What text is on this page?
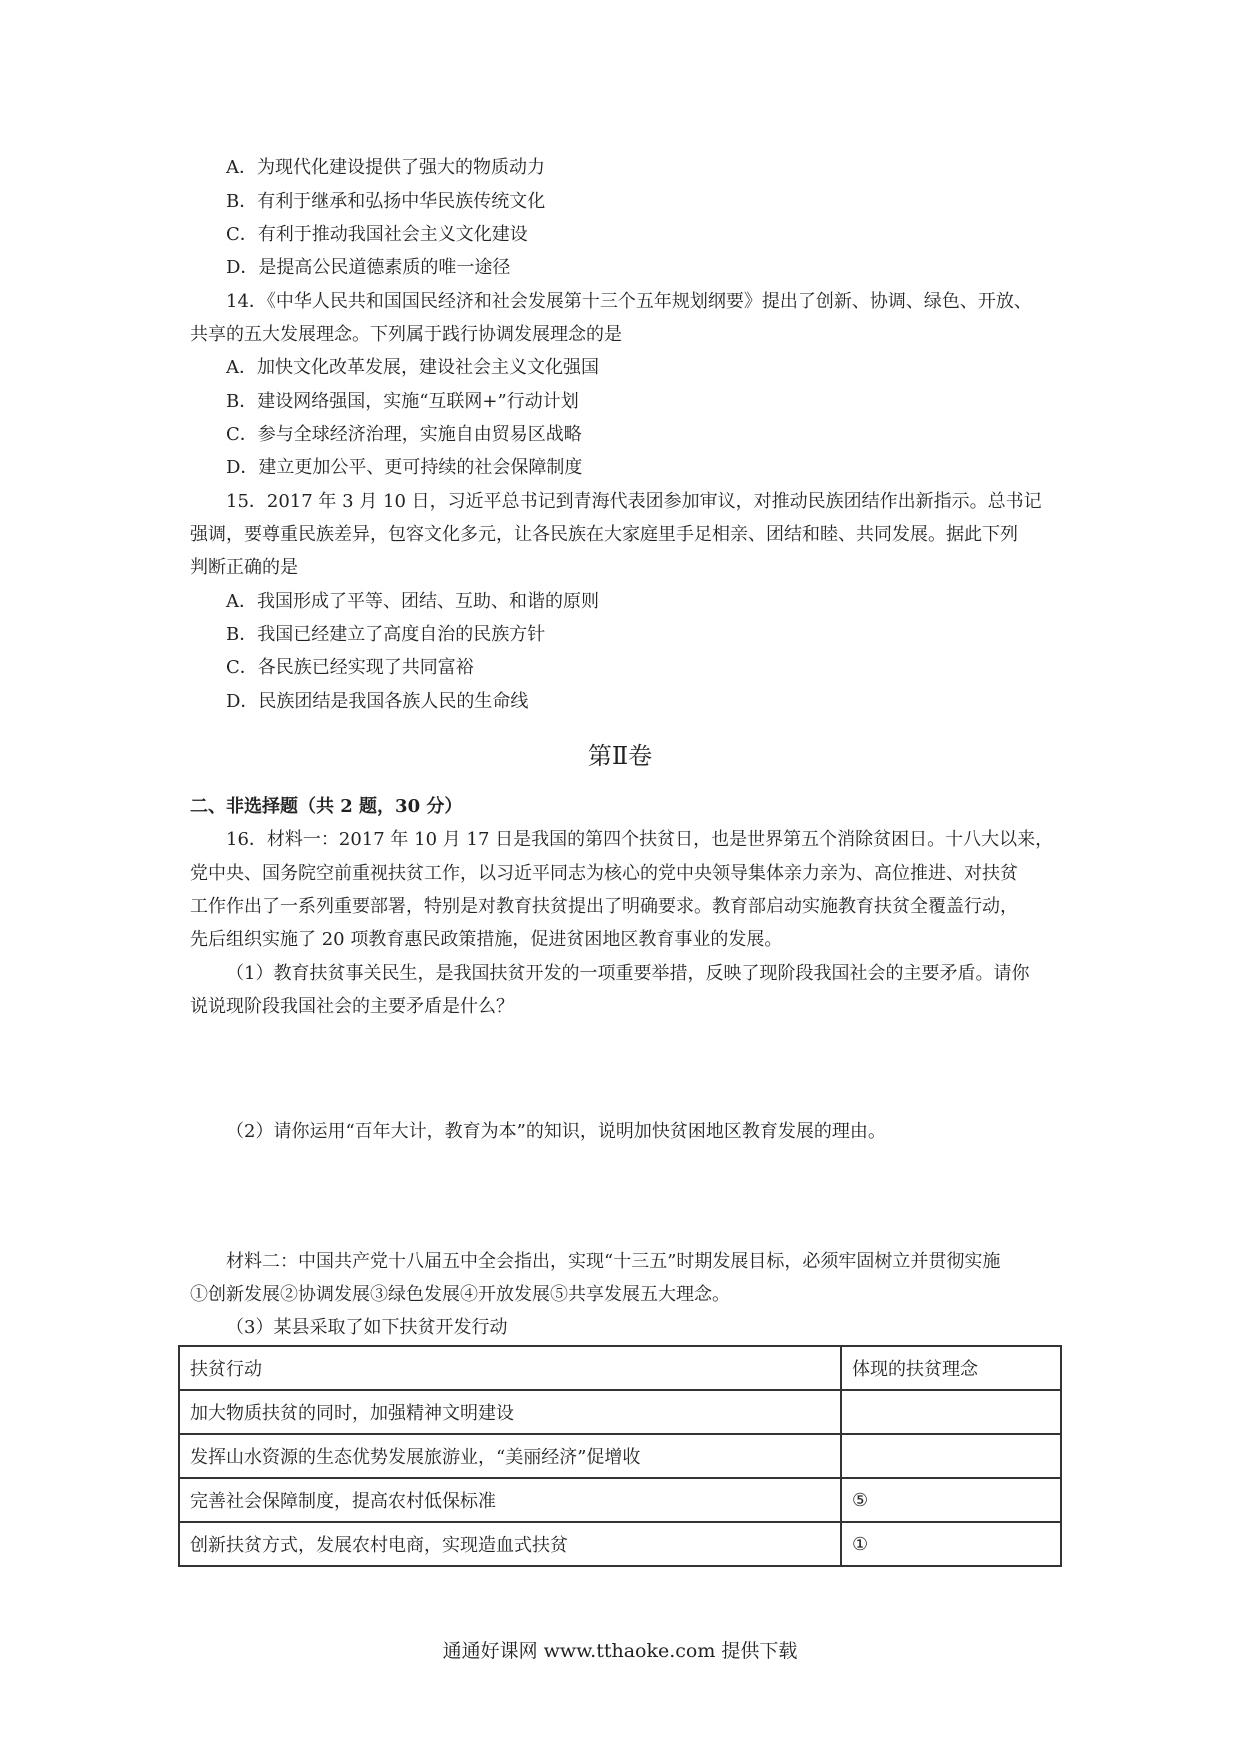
A．为现代化建设提供了强大的物质动力
B．有利于继承和弘扬中华民族传统文化
C．有利于推动我国社会主义文化建设
D．是提高公民道德素质的唯一途径
14．《中华人民共和国国民经济和社会发展第十三个五年规划纲要》提出了创新、协调、绿色、开放、
共享的五大发展理念。下列属于践行协调发展理念的是
A．加快文化改革发展，建设社会主义文化强国
B．建设网络强国，实施“互联网+”行动计划
C．参与全球经济治理，实施自由贸易区战略
D．建立更加公平、更可持续的社会保障制度
15．2017 年 3 月 10 日，习近平总书记到青海代表团参加审议，对推动民族团结作出新指示。总书记
强调，要尊重民族差异，包容文化多元，让各民族在大家庭里手足相亲、团结和睦、共同发展。据此下列
判断正确的是
A．我国形成了平等、团结、互助、和谐的原则
B．我国已经建立了高度自治的民族方针
C．各民族已经实现了共同富裕
D．民族团结是我国各族人民的生命线
第Ⅱ卷
二、非选择题（共 2 题，30 分）
16．材料一：2017 年 10 月 17 日是我国的第四个扶贫日，也是世界第五个消除贫困日。十八大以来，
党中央、国务院空前重视扶贫工作，以习近平同志为核心的党中央领导集体亲力亲为、高位推进、对扶贫
工作作出了一系列重要部署，特别是对教育扶贫提出了明确要求。教育部启动实施教育扶贫全覆盖行动，
先后组织实施了 20 项教育惠民政策措施，促进贫困地区教育事业的发展。
（1）教育扶贫事关民生，是我国扶贫开发的一项重要举措，反映了现阶段我国社会的主要矛盾。请你
说说现阶段我国社会的主要矛盾是什么？
（2）请你运用“百年大计，教育为本”的知识，说明加快贫困地区教育发展的理由。
材料二：中国共产党十八届五中全会指出，实现“十三五”时期发展目标，必须牢固树立并贯彻实施
①创新发展②协调发展③绿色发展④开放发展⑤共享发展五大理念。
（3）某县采取了如下扶贫开发行动
扶贫行动	体现的扶贫理念
加大物质扶贫的同时，加强精神文明建设	
发挥山水资源的生态优势发展旅游业，“美丽经济”促增收	
完善社会保障制度，提高农村低保标准	⑤
创新扶贫方式，发展农村电商，实现造血式扶贫	①
通通好课网 www.tthaoke.com 提供下载
